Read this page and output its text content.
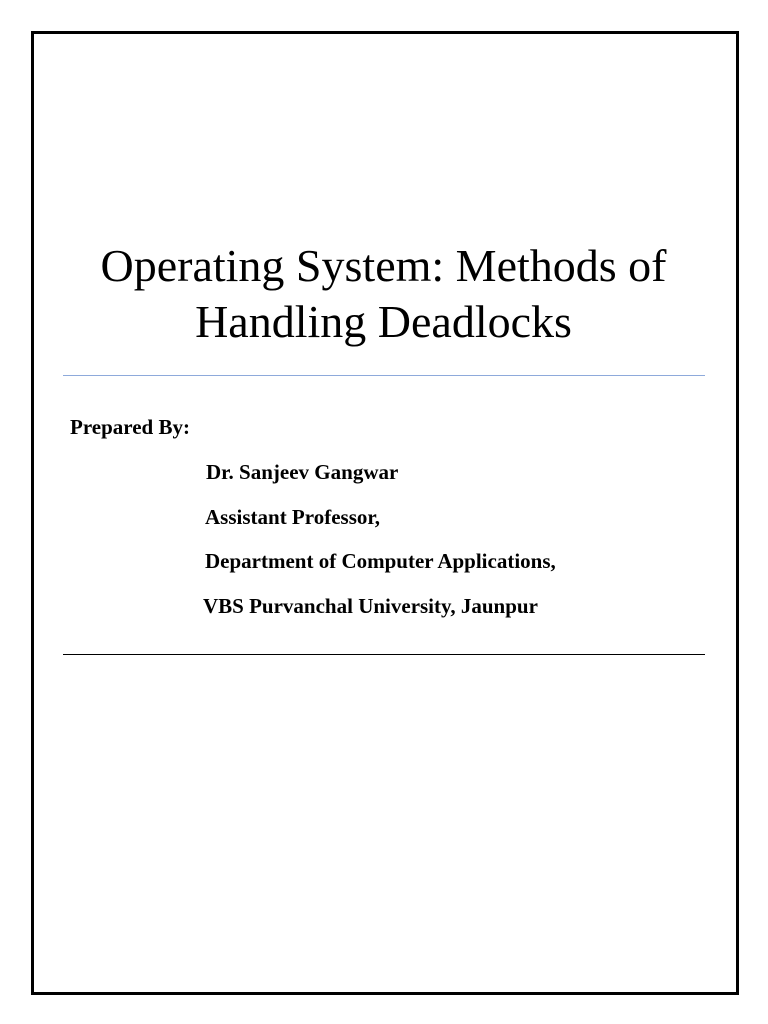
Operating System: Methods of
Handling Deadlocks
Prepared By:
Dr. Sanjeev Gangwar
Assistant Professor,
Department of Computer Applications,
VBS Purvanchal University, Jaunpur
